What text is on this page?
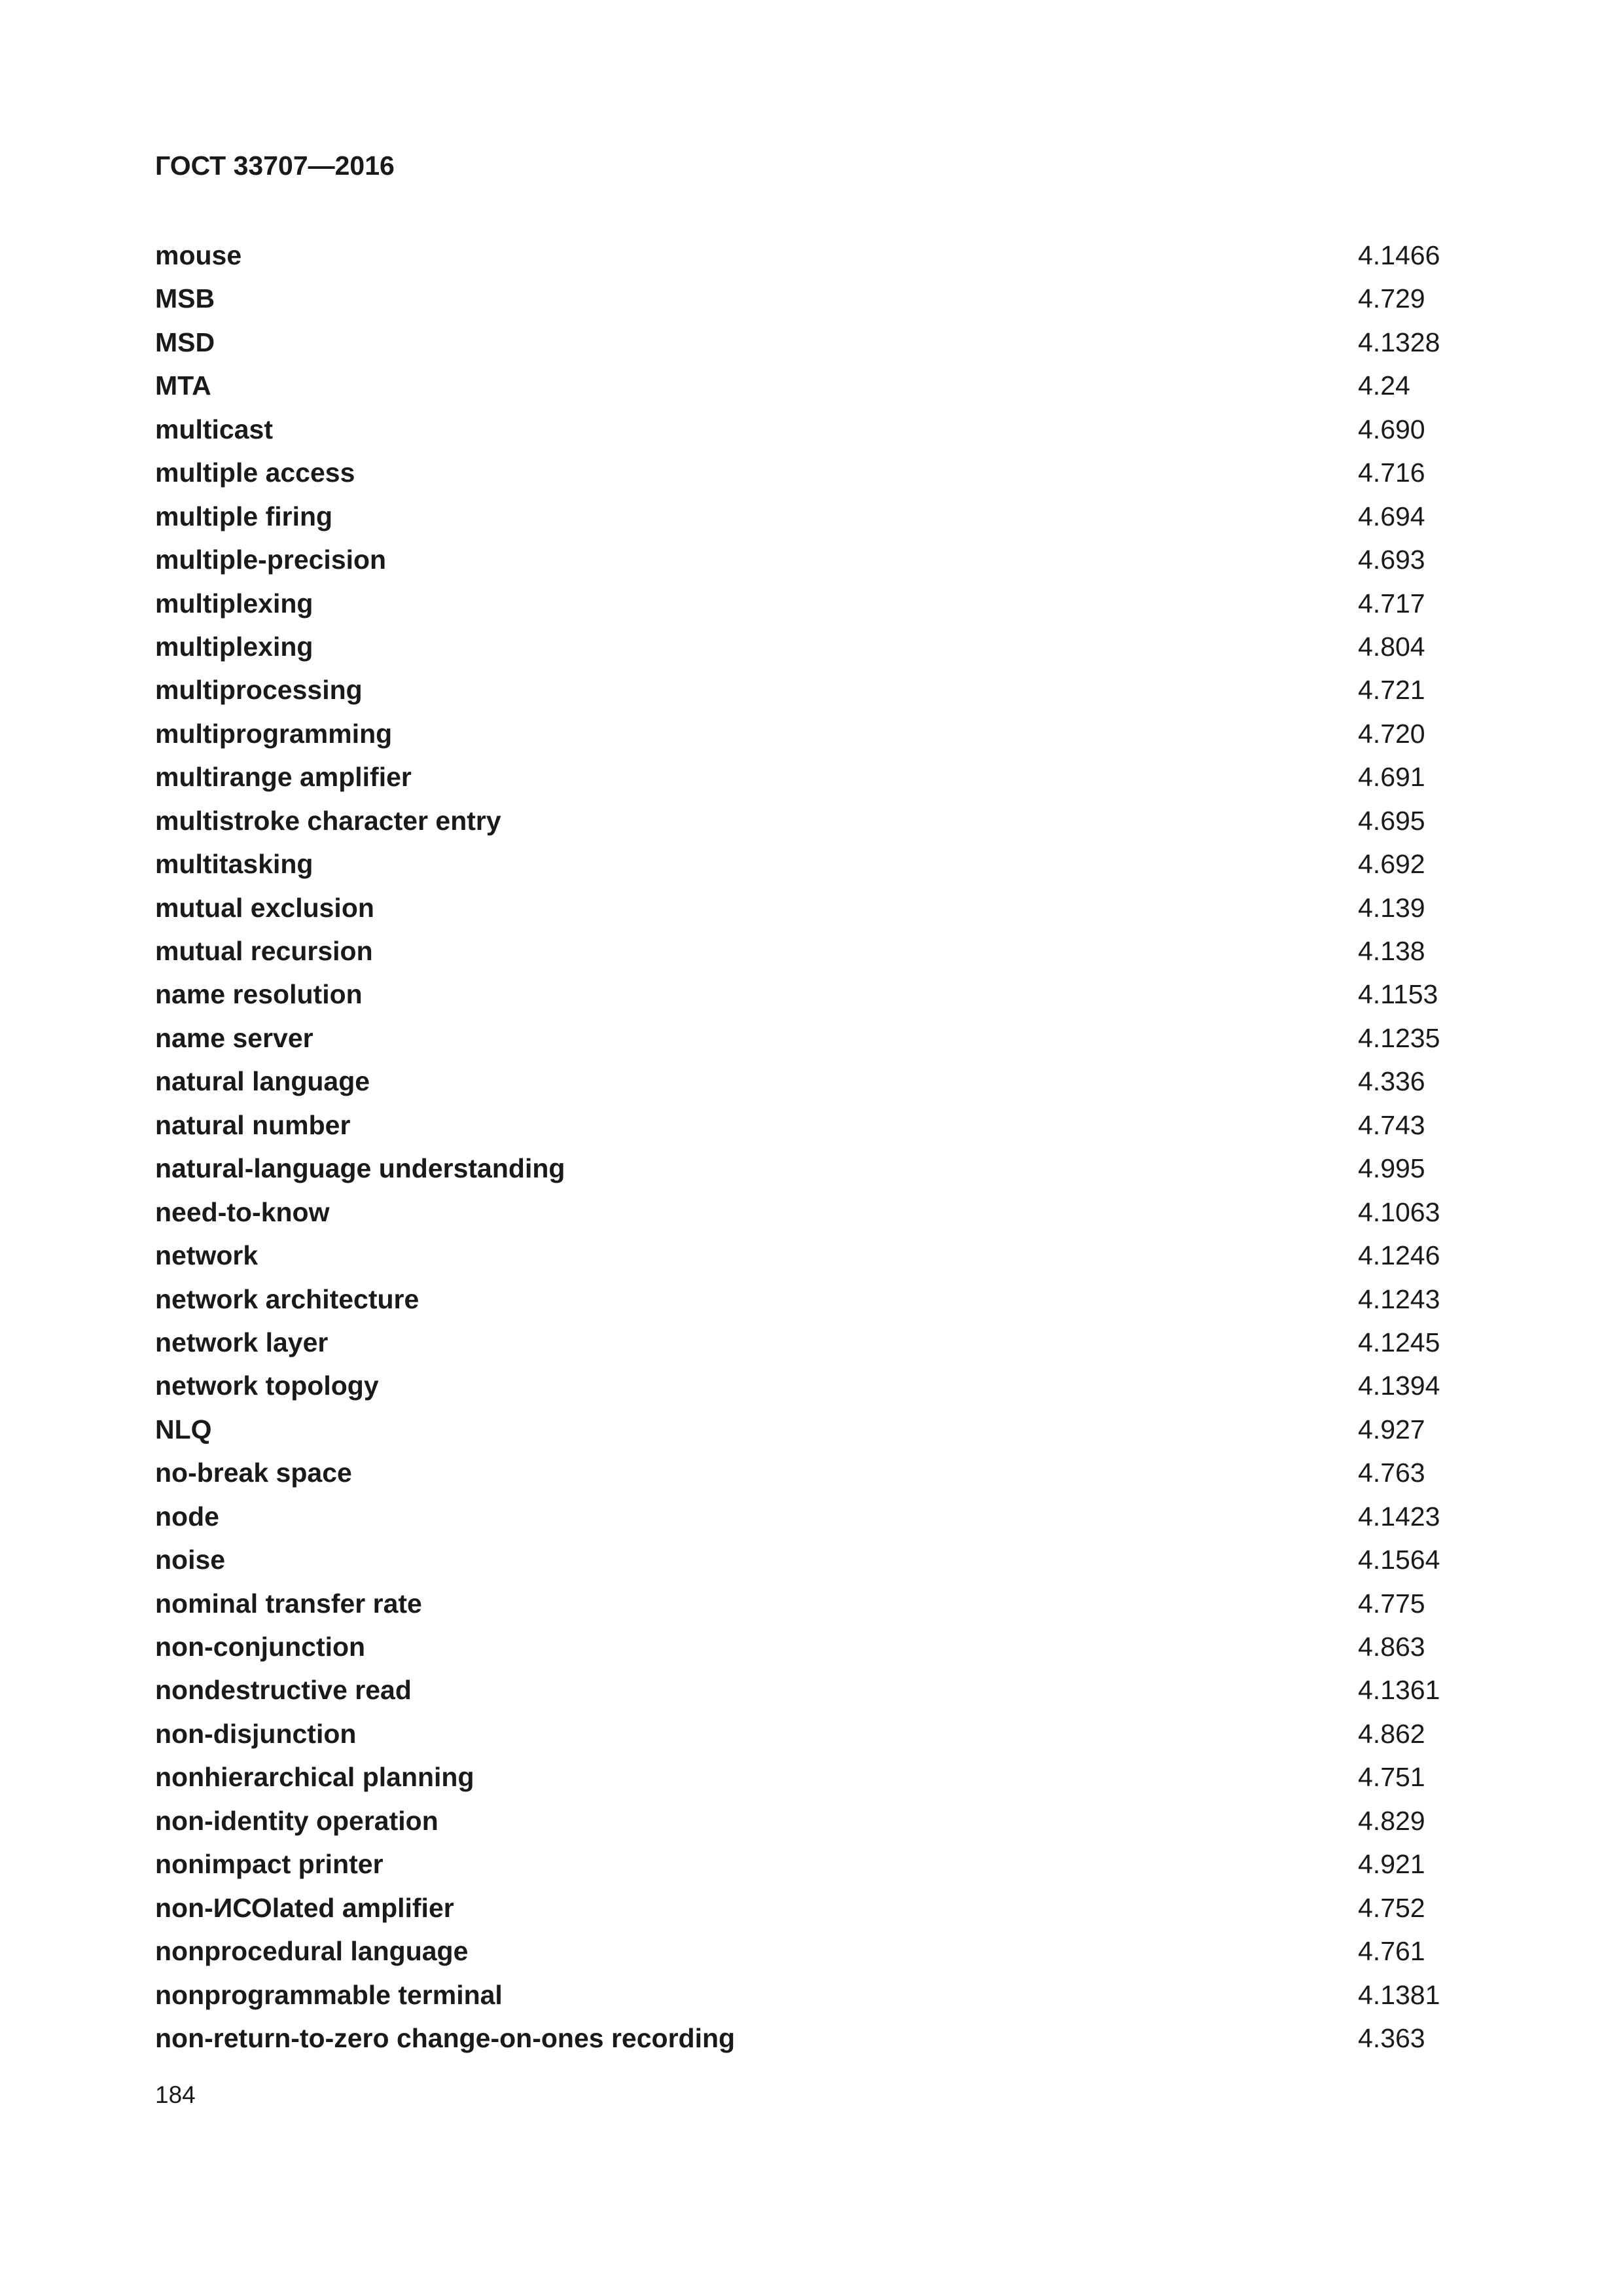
ГОСТ 33707—2016
mouse	4.1466
MSB	4.729
MSD	4.1328
MTA	4.24
multicast	4.690
multiple access	4.716
multiple firing	4.694
multiple-precision	4.693
multiplexing	4.717
multiplexing	4.804
multiprocessing	4.721
multiprogramming	4.720
multirange amplifier	4.691
multistroke character entry	4.695
multitasking	4.692
mutual exclusion	4.139
mutual recursion	4.138
name resolution	4.1153
name server	4.1235
natural language	4.336
natural number	4.743
natural-language understanding	4.995
need-to-know	4.1063
network	4.1246
network architecture	4.1243
network layer	4.1245
network topology	4.1394
NLQ	4.927
no-break space	4.763
node	4.1423
noise	4.1564
nominal transfer rate	4.775
non-conjunction	4.863
nondestructive read	4.1361
non-disjunction	4.862
nonhierarchical planning	4.751
non-identity operation	4.829
nonimpact printer	4.921
non-ИСОlated amplifier	4.752
nonprocedural language	4.761
nonprogrammable terminal	4.1381
non-return-to-zero change-on-ones recording	4.363
184
